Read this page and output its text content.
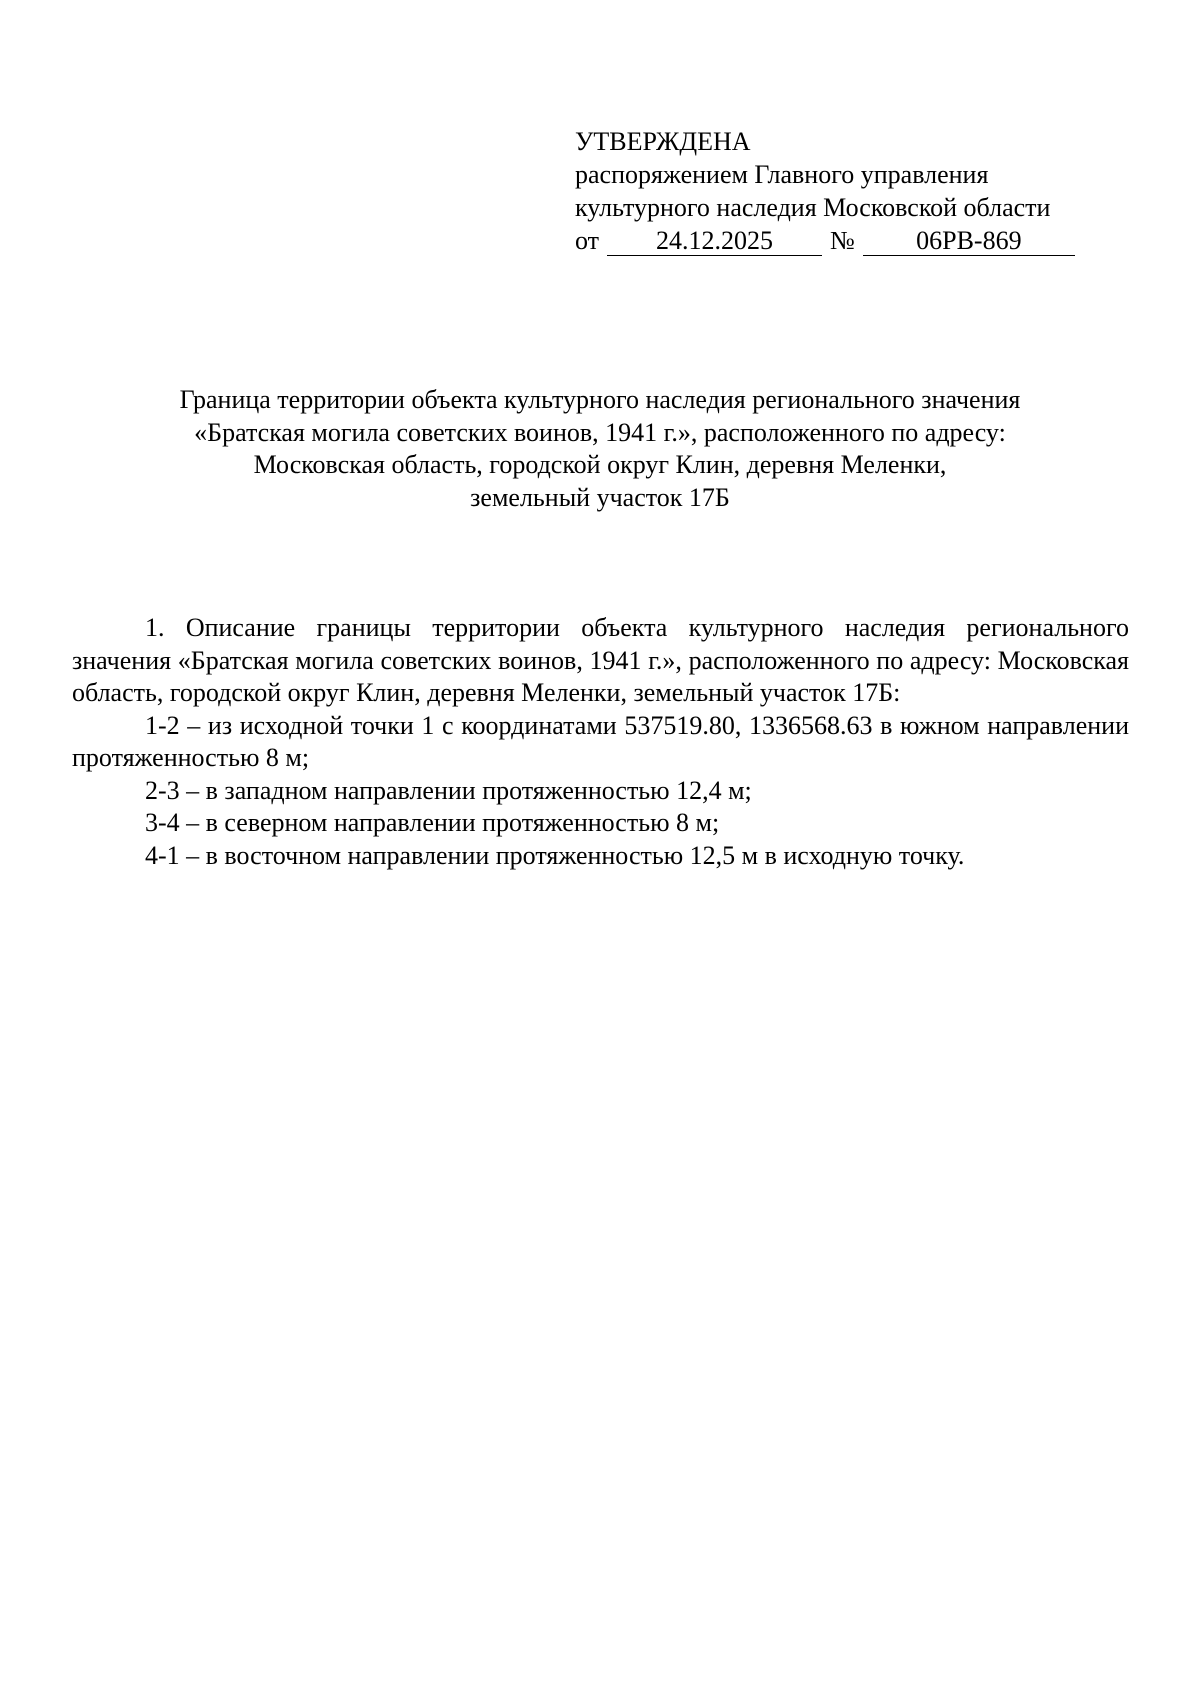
УТВЕРЖДЕНА
распоряжением Главного управления
культурного наследия Московской области
от	24.12.2025	№	06РВ-869
Граница территории объекта культурного наследия регионального значения
«Братская могила советских воинов, 1941 г.», расположенного по адресу:
Московская область, городской округ Клин, деревня Меленки,
земельный участок 17Б

1. Описание границы территории объекта культурного наследия регионального значения «Братская могила советских воинов, 1941 г.», расположенного по адресу: Московская область, городской округ Клин, деревня Меленки, земельный участок 17Б:

1-2 – из исходной точки 1 с координатами 537519.80, 1336568.63 в южном направлении протяженностью 8 м;

2-3 – в западном направлении протяженностью 12,4 м;

3-4 – в северном направлении протяженностью 8 м;

4-1 – в восточном направлении протяженностью 12,5 м в исходную точку.
